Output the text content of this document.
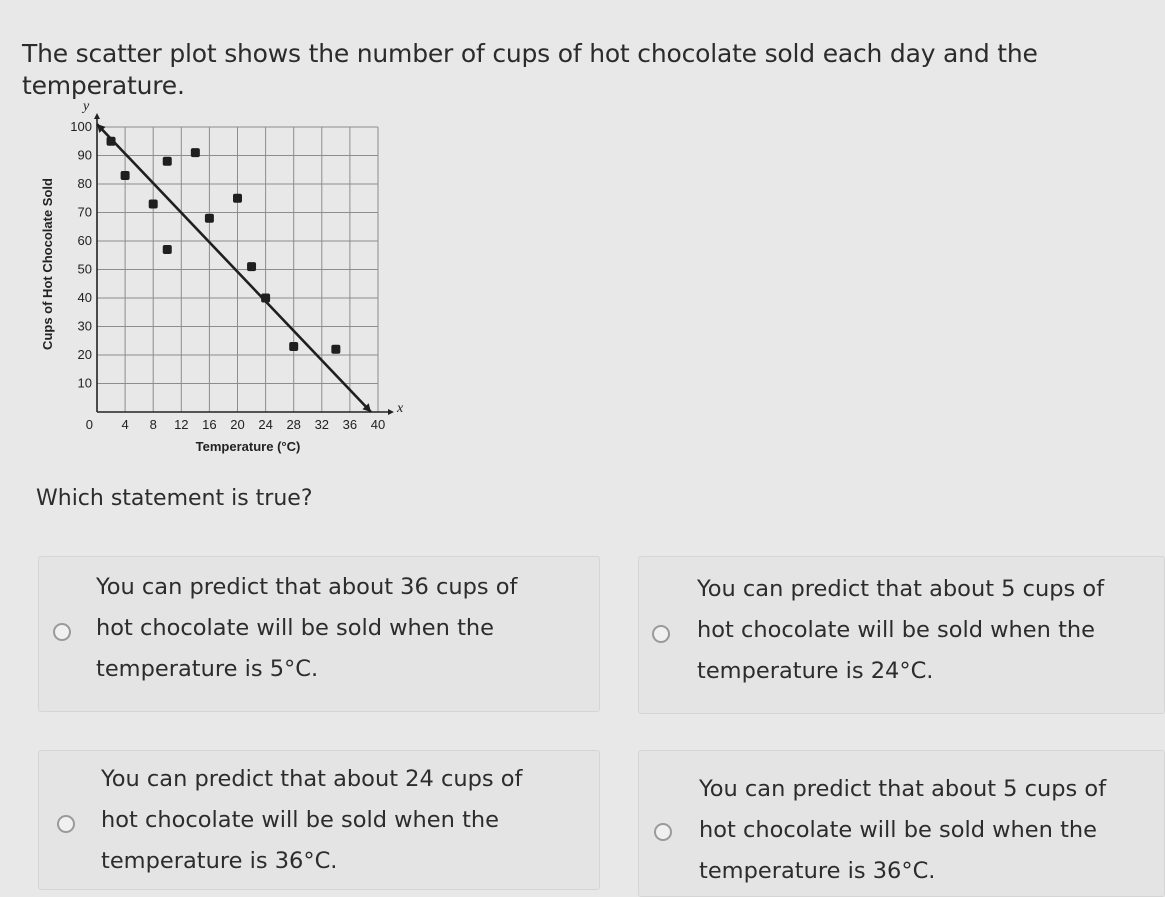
The scatter plot shows the number of cups of hot chocolate sold each day and the temperature.
0 4 8 12 16 20 24 28 32 36 40
10
20
30
40
50
60
70
80
90
100
y
x
Temperature (°C)
Cups of Hot Chocolate Sold
Which statement is true?
You can predict that about 36 cups of
hot chocolate will be sold when the
temperature is 5°C.
You can predict that about 5 cups of
hot chocolate will be sold when the
temperature is 24°C.
You can predict that about 24 cups of
hot chocolate will be sold when the
temperature is 36°C.
You can predict that about 5 cups of
hot chocolate will be sold when the
temperature is 36°C.
